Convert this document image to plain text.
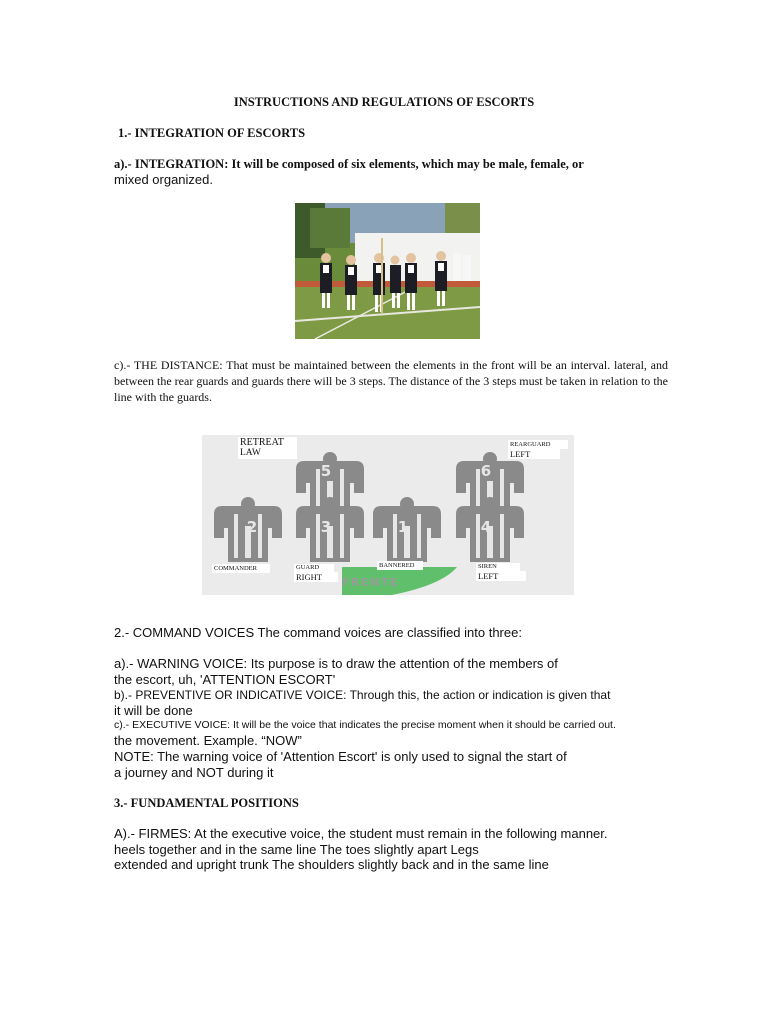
INSTRUCTIONS AND REGULATIONS OF ESCORTS
1.- INTEGRATION OF ESCORTS
a).- INTEGRATION: It will be composed of six elements, which may be male, female, or
mixed organized.
c).- THE DISTANCE: That must be maintained between the elements in the front will be an interval. lateral, and between the rear guards and guards there will be 3 steps. The distance of the 3 steps must be taken in relation to the line with the guards.
5	6
2	3	1	4
FRENTE
RETREAT
LAW
REARGUARD
LEFT
COMMANDER	GUARD
RIGHT
BANNERED	SIREN
LEFT
2.- COMMAND VOICES The command voices are classified into three:
a).- WARNING VOICE: Its purpose is to draw the attention of the members of
the escort, uh, 'ATTENTION ESCORT'
b).- PREVENTIVE OR INDICATIVE VOICE: Through this, the action or indication is given that
it will be done
c).- EXECUTIVE VOICE: It will be the voice that indicates the precise moment when it should be carried out.
the movement. Example. “NOW”
NOTE: The warning voice of 'Attention Escort' is only used to signal the start of
a journey and NOT during it
3.- FUNDAMENTAL POSITIONS
A).- FIRMES: At the executive voice, the student must remain in the following manner.
heels together and in the same line The toes slightly apart Legs
extended and upright trunk The shoulders slightly back and in the same line
